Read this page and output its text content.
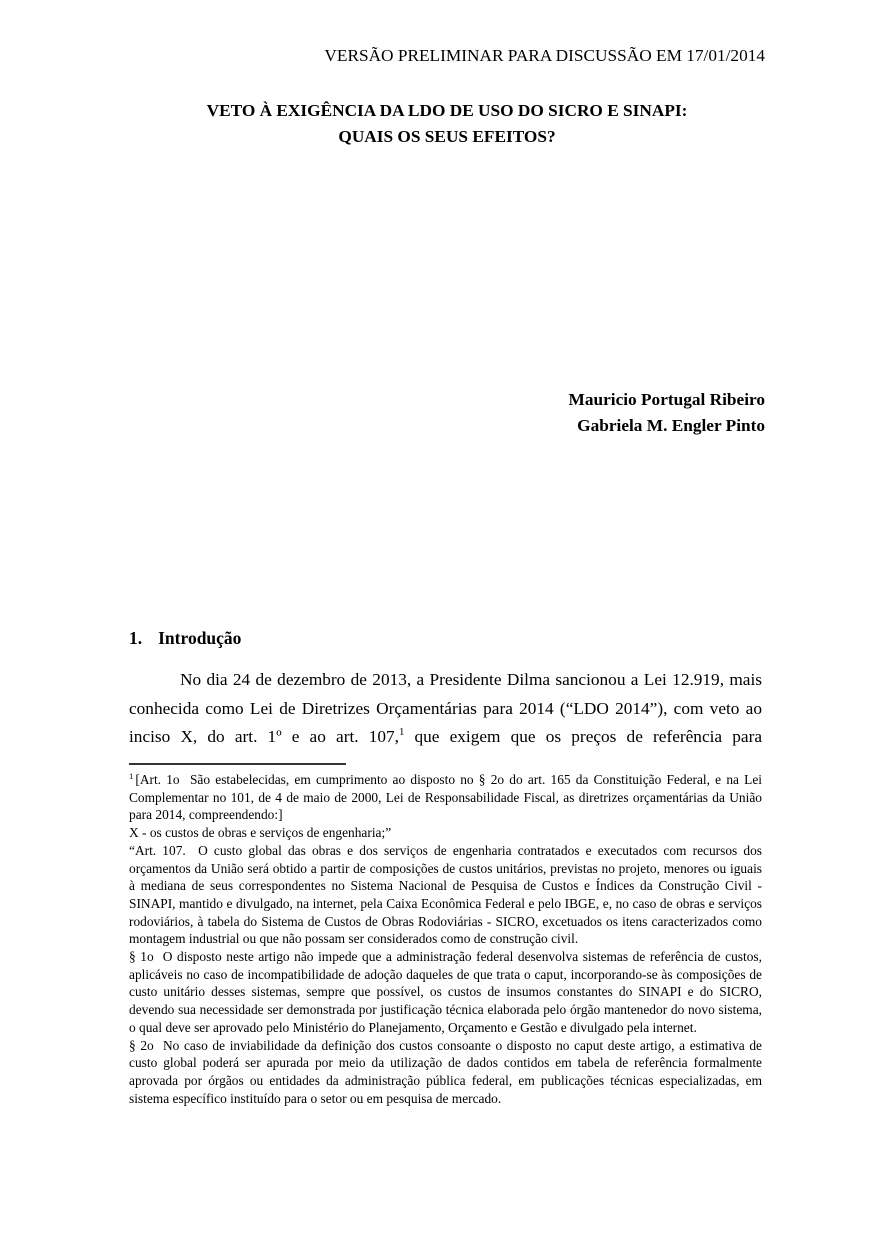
VERSÃO PRELIMINAR PARA DISCUSSÃO EM 17/01/2014
VETO À EXIGÊNCIA DA LDO DE USO DO SICRO E SINAPI:
QUAIS OS SEUS EFEITOS?
Mauricio Portugal Ribeiro
Gabriela M. Engler Pinto
1. Introdução

No dia 24 de dezembro de 2013, a Presidente Dilma sancionou a Lei 12.919, mais conhecida como Lei de Diretrizes Orçamentárias para 2014 (“LDO 2014”), com veto ao inciso X, do art. 1º e ao art. 107,$^1$ que exigem que os preços de referência para

$^1$ [Art. 1o  São estabelecidas, em cumprimento ao disposto no § 2o do art. 165 da Constituição Federal, e na Lei Complementar no 101, de 4 de maio de 2000, Lei de Responsabilidade Fiscal, as diretrizes orçamentárias da União para 2014, compreendendo:]

X - os custos de obras e serviços de engenharia;”

“Art. 107.  O custo global das obras e dos serviços de engenharia contratados e executados com recursos dos orçamentos da União será obtido a partir de composições de custos unitários, previstas no projeto, menores ou iguais à mediana de seus correspondentes no Sistema Nacional de Pesquisa de Custos e Índices da Construção Civil - SINAPI, mantido e divulgado, na internet, pela Caixa Econômica Federal e pelo IBGE, e, no caso de obras e serviços rodoviários, à tabela do Sistema de Custos de Obras Rodoviárias - SICRO, excetuados os itens caracterizados como montagem industrial ou que não possam ser considerados como de construção civil.

§ 1o  O disposto neste artigo não impede que a administração federal desenvolva sistemas de referência de custos, aplicáveis no caso de incompatibilidade de adoção daqueles de que trata o caput, incorporando-se às composições de custo unitário desses sistemas, sempre que possível, os custos de insumos constantes do SINAPI e do SICRO, devendo sua necessidade ser demonstrada por justificação técnica elaborada pelo órgão mantenedor do novo sistema, o qual deve ser aprovado pelo Ministério do Planejamento, Orçamento e Gestão e divulgado pela internet.

§ 2o  No caso de inviabilidade da definição dos custos consoante o disposto no caput deste artigo, a estimativa de custo global poderá ser apurada por meio da utilização de dados contidos em tabela de referência formalmente aprovada por órgãos ou entidades da administração pública federal, em publicações técnicas especializadas, em sistema específico instituído para o setor ou em pesquisa de mercado.
